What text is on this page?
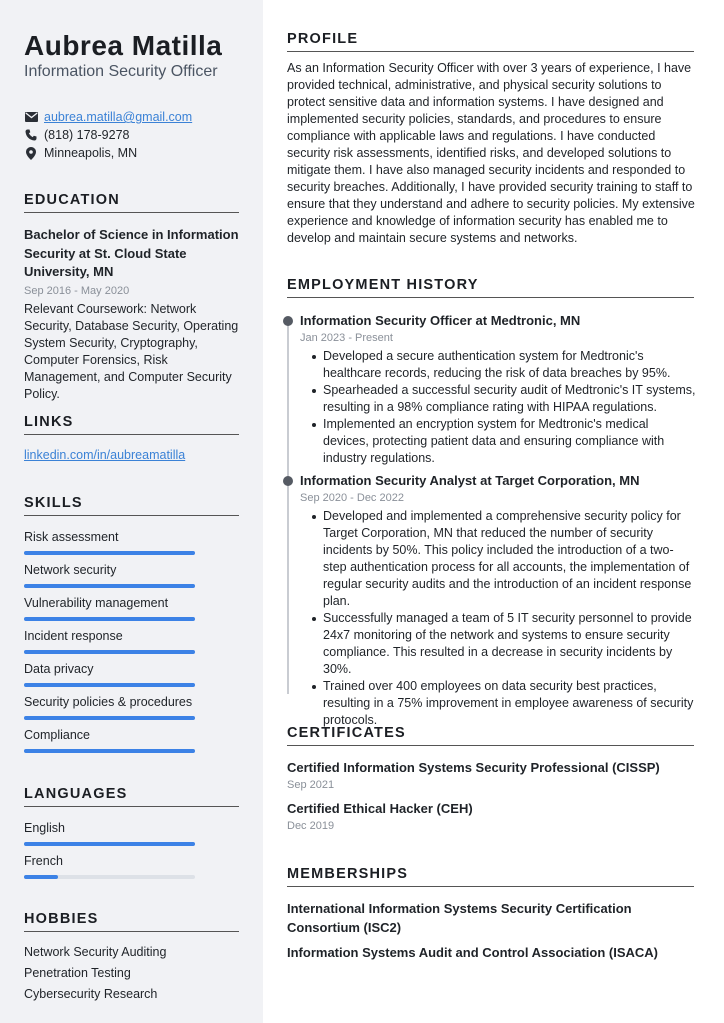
Aubrea Matilla
Information Security Officer
aubrea.matilla@gmail.com
(818) 178-9278
Minneapolis, MN
EDUCATION
Bachelor of Science in Information Security at St. Cloud State University, MN
Sep 2016 - May 2020
Relevant Coursework: Network Security, Database Security, Operating System Security, Cryptography, Computer Forensics, Risk Management, and Computer Security Policy.
LINKS
linkedin.com/in/aubreamatilla
SKILLS
Risk assessment
Network security
Vulnerability management
Incident response
Data privacy
Security policies & procedures
Compliance
LANGUAGES
English
French
HOBBIES
Network Security Auditing
Penetration Testing
Cybersecurity Research
PROFILE
As an Information Security Officer with over 3 years of experience, I have provided technical, administrative, and physical security solutions to protect sensitive data and information systems. I have designed and implemented security policies, standards, and procedures to ensure compliance with applicable laws and regulations. I have conducted security risk assessments, identified risks, and developed solutions to mitigate them. I have also managed security incidents and responded to security breaches. Additionally, I have provided security training to staff to ensure that they understand and adhere to security policies. My extensive experience and knowledge of information security has enabled me to develop and maintain secure systems and networks.
EMPLOYMENT HISTORY
Information Security Officer at Medtronic, MN
Jan 2023 - Present
Developed a secure authentication system for Medtronic's healthcare records, reducing the risk of data breaches by 95%.
Spearheaded a successful security audit of Medtronic's IT systems, resulting in a 98% compliance rating with HIPAA regulations.
Implemented an encryption system for Medtronic's medical devices, protecting patient data and ensuring compliance with industry regulations.
Information Security Analyst at Target Corporation, MN
Sep 2020 - Dec 2022
Developed and implemented a comprehensive security policy for Target Corporation, MN that reduced the number of security incidents by 50%. This policy included the introduction of a two-step authentication process for all accounts, the implementation of regular security audits and the introduction of an incident response plan.
Successfully managed a team of 5 IT security personnel to provide 24x7 monitoring of the network and systems to ensure security compliance. This resulted in a decrease in security incidents by 30%.
Trained over 400 employees on data security best practices, resulting in a 75% improvement in employee awareness of security protocols.
CERTIFICATES
Certified Information Systems Security Professional (CISSP)
Sep 2021
Certified Ethical Hacker (CEH)
Dec 2019
MEMBERSHIPS
International Information Systems Security Certification Consortium (ISC2)
Information Systems Audit and Control Association (ISACA)
